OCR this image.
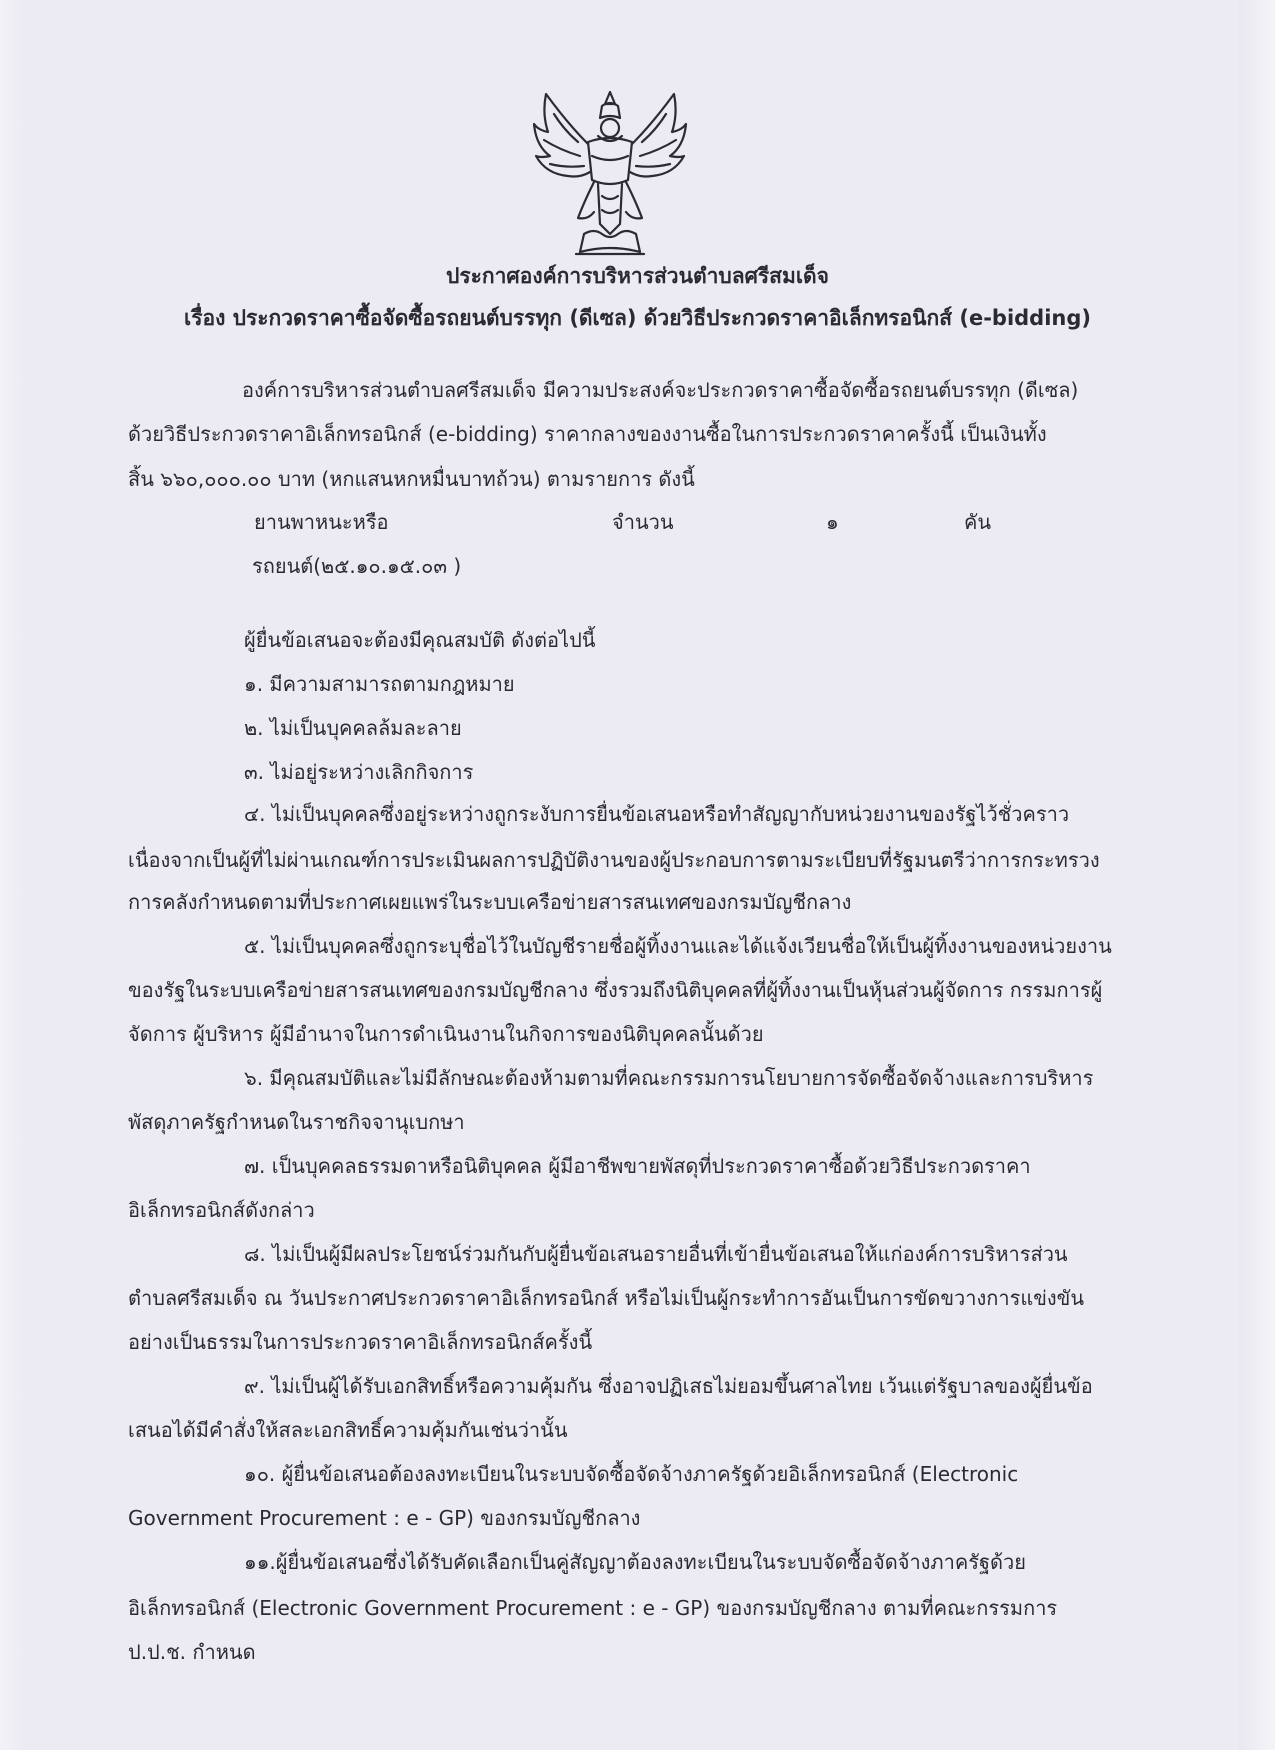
ประกาศองค์การบริหารส่วนตำบลศรีสมเด็จ
เรื่อง ประกวดราคาซื้อจัดซื้อรถยนต์บรรทุก (ดีเซล) ด้วยวิธีประกวดราคาอิเล็กทรอนิกส์ (e-bidding)
องค์การบริหารส่วนตำบลศรีสมเด็จ มีความประสงค์จะประกวดราคาซื้อจัดซื้อรถยนต์บรรทุก (ดีเซล)
ด้วยวิธีประกวดราคาอิเล็กทรอนิกส์ (e-bidding) ราคากลางของงานซื้อในการประกวดราคาครั้งนี้ เป็นเงินทั้ง
สิ้น ๖๖๐,๐๐๐.๐๐ บาท (หกแสนหกหมื่นบาทถ้วน) ตามรายการ ดังนี้
ยานพาหนะหรือ	จำนวน	๑	คัน
รถยนต์(๒๕.๑๐.๑๕.๐๓ )
ผู้ยื่นข้อเสนอจะต้องมีคุณสมบัติ ดังต่อไปนี้
๑. มีความสามารถตามกฎหมาย
๒. ไม่เป็นบุคคลล้มละลาย
๓. ไม่อยู่ระหว่างเลิกกิจการ
๔. ไม่เป็นบุคคลซึ่งอยู่ระหว่างถูกระงับการยื่นข้อเสนอหรือทำสัญญากับหน่วยงานของรัฐไว้ชั่วคราว
เนื่องจากเป็นผู้ที่ไม่ผ่านเกณฑ์การประเมินผลการปฏิบัติงานของผู้ประกอบการตามระเบียบที่รัฐมนตรีว่าการกระทรวง
การคลังกำหนดตามที่ประกาศเผยแพร่ในระบบเครือข่ายสารสนเทศของกรมบัญชีกลาง
๕. ไม่เป็นบุคคลซึ่งถูกระบุชื่อไว้ในบัญชีรายชื่อผู้ทิ้งงานและได้แจ้งเวียนชื่อให้เป็นผู้ทิ้งงานของหน่วยงาน
ของรัฐในระบบเครือข่ายสารสนเทศของกรมบัญชีกลาง ซึ่งรวมถึงนิติบุคคลที่ผู้ทิ้งงานเป็นหุ้นส่วนผู้จัดการ กรรมการผู้
จัดการ ผู้บริหาร ผู้มีอำนาจในการดำเนินงานในกิจการของนิติบุคคลนั้นด้วย
๖. มีคุณสมบัติและไม่มีลักษณะต้องห้ามตามที่คณะกรรมการนโยบายการจัดซื้อจัดจ้างและการบริหาร
พัสดุภาครัฐกำหนดในราชกิจจานุเบกษา
๗. เป็นบุคคลธรรมดาหรือนิติบุคคล ผู้มีอาชีพขายพัสดุที่ประกวดราคาซื้อด้วยวิธีประกวดราคา
อิเล็กทรอนิกส์ดังกล่าว
๘. ไม่เป็นผู้มีผลประโยชน์ร่วมกันกับผู้ยื่นข้อเสนอรายอื่นที่เข้ายื่นข้อเสนอให้แก่องค์การบริหารส่วน
ตำบลศรีสมเด็จ ณ วันประกาศประกวดราคาอิเล็กทรอนิกส์ หรือไม่เป็นผู้กระทำการอันเป็นการขัดขวางการแข่งขัน
อย่างเป็นธรรมในการประกวดราคาอิเล็กทรอนิกส์ครั้งนี้
๙. ไม่เป็นผู้ได้รับเอกสิทธิ์หรือความคุ้มกัน ซึ่งอาจปฏิเสธไม่ยอมขึ้นศาลไทย เว้นแต่รัฐบาลของผู้ยื่นข้อ
เสนอได้มีคำสั่งให้สละเอกสิทธิ์ความคุ้มกันเช่นว่านั้น
๑๐. ผู้ยื่นข้อเสนอต้องลงทะเบียนในระบบจัดซื้อจัดจ้างภาครัฐด้วยอิเล็กทรอนิกส์ (Electronic
Government Procurement : e - GP) ของกรมบัญชีกลาง
๑๑.ผู้ยื่นข้อเสนอซึ่งได้รับคัดเลือกเป็นคู่สัญญาต้องลงทะเบียนในระบบจัดซื้อจัดจ้างภาครัฐด้วย
อิเล็กทรอนิกส์ (Electronic Government Procurement : e - GP) ของกรมบัญชีกลาง ตามที่คณะกรรมการ
ป.ป.ช. กำหนด
